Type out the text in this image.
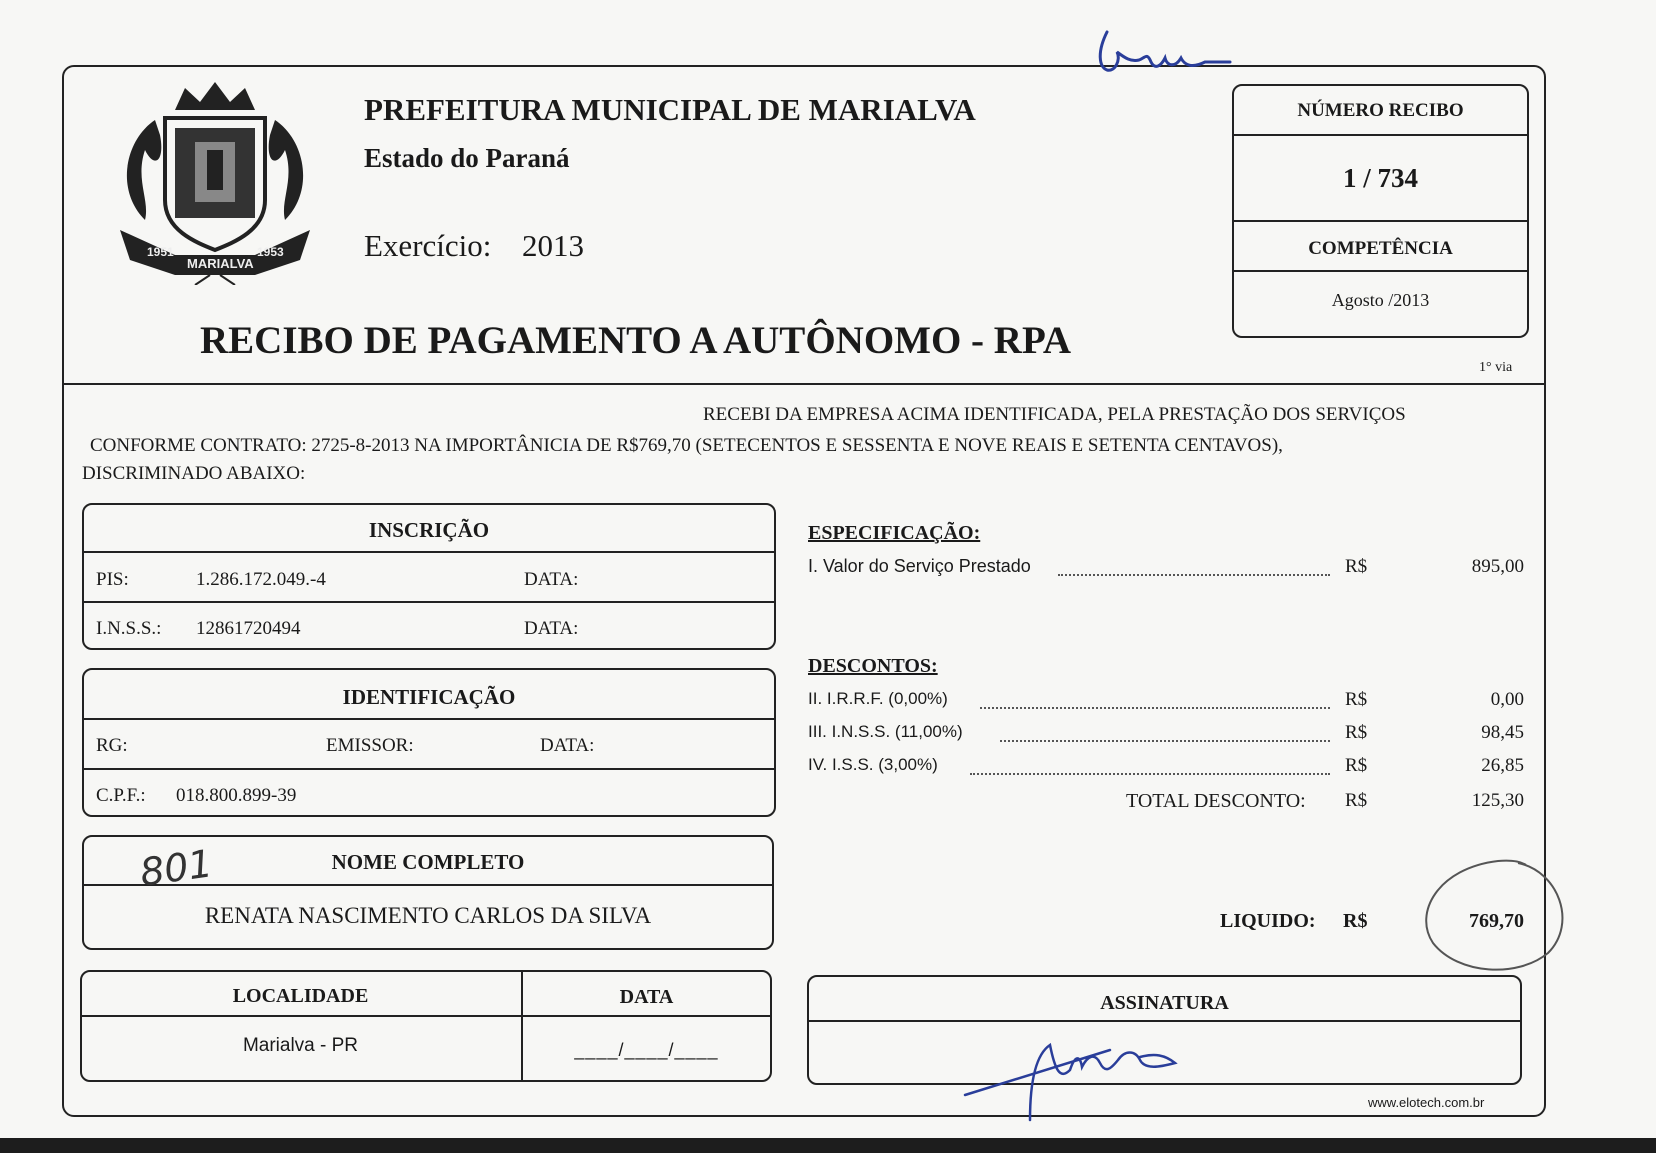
1951
MARIALVA
1953
PREFEITURA MUNICIPAL DE MARIALVA
Estado do Paraná
Exercício: 2013
RECIBO DE PAGAMENTO A AUTÔNOMO - RPA
1° via
NÚMERO RECIBO
1 / 734
COMPETÊNCIA
Agosto /2013
RECEBI DA EMPRESA ACIMA IDENTIFICADA, PELA PRESTAÇÃO DOS SERVIÇOS
CONFORME CONTRATO: 2725-8-2013 NA IMPORTÂNICIA DE R$769,70 (SETECENTOS E SESSENTA E NOVE REAIS E SETENTA CENTAVOS),
DISCRIMINADO ABAIXO:
INSCRIÇÃO
PIS:	1.286.172.049.-4	DATA:
I.N.S.S.: 12861720494	DATA:
IDENTIFICAÇÃO
RG:	EMISSOR:	DATA:
C.P.F.: 018.800.899-39
801	NOME COMPLETO
RENATA NASCIMENTO CARLOS DA SILVA
LOCALIDADE	DATA
Marialva - PR	____/____/____
ESPECIFICAÇÃO:
I. Valor do Serviço Prestado	R$	895,00
DESCONTOS:
II. I.R.R.F. (0,00%)	R$	0,00
III. I.N.S.S. (11,00%)	R$	98,45
IV. I.S.S. (3,00%)	R$	26,85
TOTAL DESCONTO: R$	125,30
LIQUIDO: R$	769,70
ASSINATURA
www.elotech.com.br
